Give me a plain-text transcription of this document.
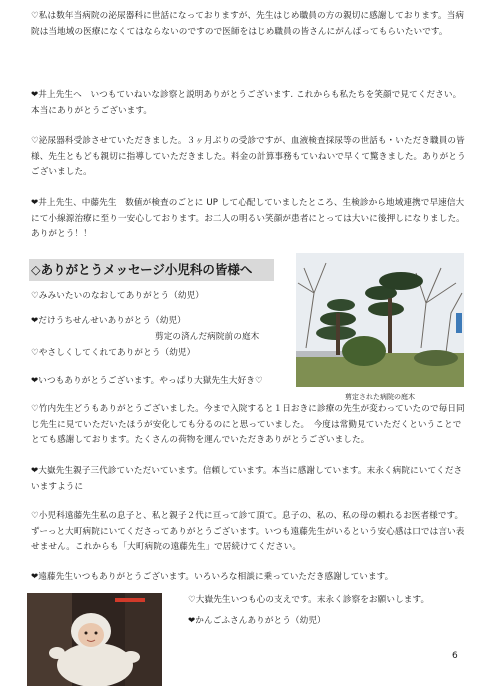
♡私は数年当病院の泌尿器科に世話になっておりますが、先生はじめ職員の方の親切に感謝しております。当病院は当地域の医療になくてはならないのですので医師をはじめ職員の皆さんにがんばってもらいたいです。

❤井上先生へ　いつもていねいな診察と説明ありがとうございます. これからも私たちを笑顔で見てください。本当にありがとうございます。

♡泌尿器科受診させていただきました。３ヶ月ぶりの受診ですが、血液検査採尿等の世話も・いただき職員の皆様、先生ともども親切に指導していただきました。料金の計算事務もていねいで早くて驚きました。ありがとうございました。

❤井上先生、中藤先生　数値が検査のごとに UP して心配していましたところ、生検診から地域連携で早速信大にて小線源治療に至り一安心しております。お二人の明るい笑顔が患者にとっては大いに後押しになりました。ありがとう！！

◇ありがとうメッセージ小児科の皆様へ
剪定された病院の庭木

♡みみいたいのなおしてありがとう（幼児）

❤だけうちせんせいありがとう（幼児）

剪定の済んだ病院前の庭木

♡やさしくしてくれてありがとう（幼児）

❤いつもありがとうございます。やっぱり大獄先生大好き♡

♡竹内先生どうもありがとうございました。今まで入院すると１日おきに診療の先生が変わっていたので毎日同じ先生に見ていただいたほうが安化しても分るのにと思っていました。　今度は常勤見ていただくということでとても感謝しております。たくさんの荷物を運んでいただきありがとうございました。

❤大嶽先生親子三代診ていただいています。信頼しています。本当に感謝しています。末永く病院にいてくださいますように

♡小児科遠藤先生私の息子と、私と親子２代に亘って診て頂て。息子の、私の、私の母の頼れるお医者様です。ずーっと大町病院にいてくださってありがとうございます。いつも遠藤先生がいるという安心感は口では言い表せません。これからも「大町病院の遠藤先生」で居続けてください。

❤遠藤先生いつもありがとうございます。いろいろな相談に乗っていただき感謝しています。

♡大嶽先生いつも心の支えです。末永く診察をお願いします。

❤かんごふさんありがとう（幼児）

6
